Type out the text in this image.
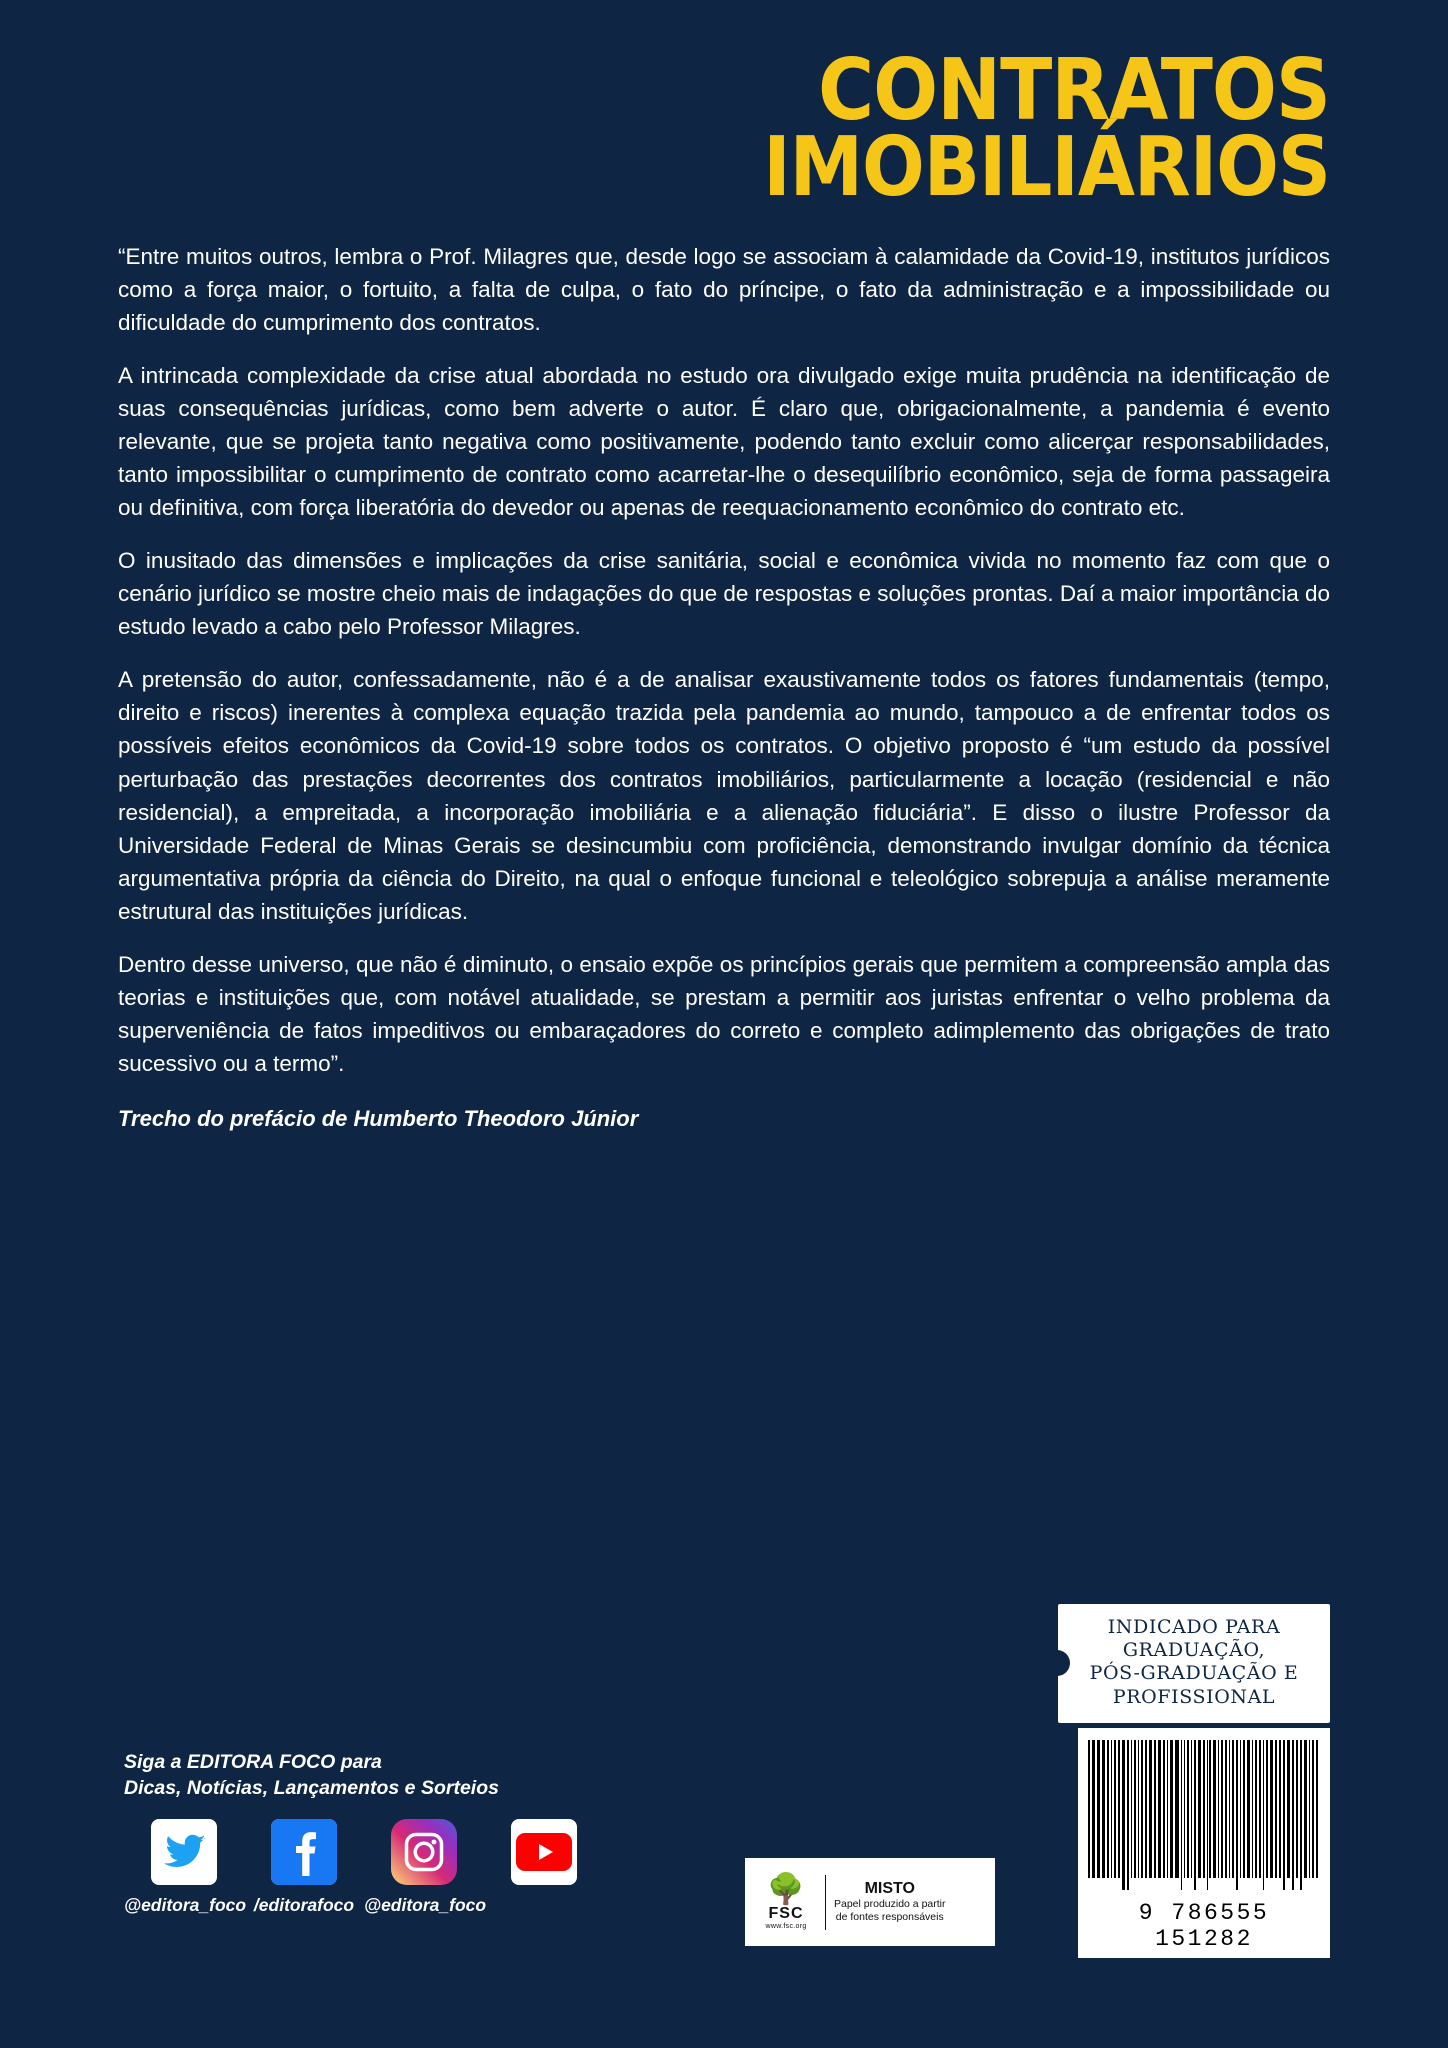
CONTRATOS
IMOBILIÁRIOS

“Entre muitos outros, lembra o Prof. Milagres que, desde logo se associam à calamidade da Covid-19, institutos jurídicos como a força maior, o fortuito, a falta de culpa, o fato do príncipe, o fato da administração e a impossibilidade ou dificuldade do cumprimento dos contratos.

A intrincada complexidade da crise atual abordada no estudo ora divulgado exige muita prudência na identificação de suas consequências jurídicas, como bem adverte o autor. É claro que, obrigacionalmente, a pandemia é evento relevante, que se projeta tanto negativa como positivamente, podendo tanto excluir como alicerçar responsabilidades, tanto impossibilitar o cumprimento de contrato como acarretar-lhe o desequilíbrio econômico, seja de forma passageira ou definitiva, com força liberatória do devedor ou apenas de reequacionamento econômico do contrato etc.

O inusitado das dimensões e implicações da crise sanitária, social e econômica vivida no momento faz com que o cenário jurídico se mostre cheio mais de indagações do que de respostas e soluções prontas. Daí a maior importância do estudo levado a cabo pelo Professor Milagres.

A pretensão do autor, confessadamente, não é a de analisar exaustivamente todos os fatores fundamentais (tempo, direito e riscos) inerentes à complexa equação trazida pela pandemia ao mundo, tampouco a de enfrentar todos os possíveis efeitos econômicos da Covid-19 sobre todos os contratos. O objetivo proposto é “um estudo da possível perturbação das prestações decorrentes dos contratos imobiliários, particularmente a locação (residencial e não residencial), a empreitada, a incorporação imobiliária e a alienação fiduciária”. E disso o ilustre Professor da Universidade Federal de Minas Gerais se desincumbiu com proficiência, demonstrando invulgar domínio da técnica argumentativa própria da ciência do Direito, na qual o enfoque funcional e teleológico sobrepuja a análise meramente estrutural das instituições jurídicas.

Dentro desse universo, que não é diminuto, o ensaio expõe os princípios gerais que permitem a compreensão ampla das teorias e instituições que, com notável atualidade, se prestam a permitir aos juristas enfrentar o velho problema da superveniência de fatos impeditivos ou embaraçadores do correto e completo adimplemento das obrigações de trato sucessivo ou a termo”.

Trecho do prefácio de Humberto Theodoro Júnior
INDICADO PARA
GRADUAÇÃO,
PÓS-GRADUAÇÃO E
PROFISSIONAL
Siga a EDITORA FOCO para
Dicas, Notícias, Lançamentos e Sorteios
@editora_foco /editorafoco @editora_foco	🌳
FSC
www.fsc.org
MISTO
Papel produzido a partir
de fontes responsáveis	9 786555 151282
